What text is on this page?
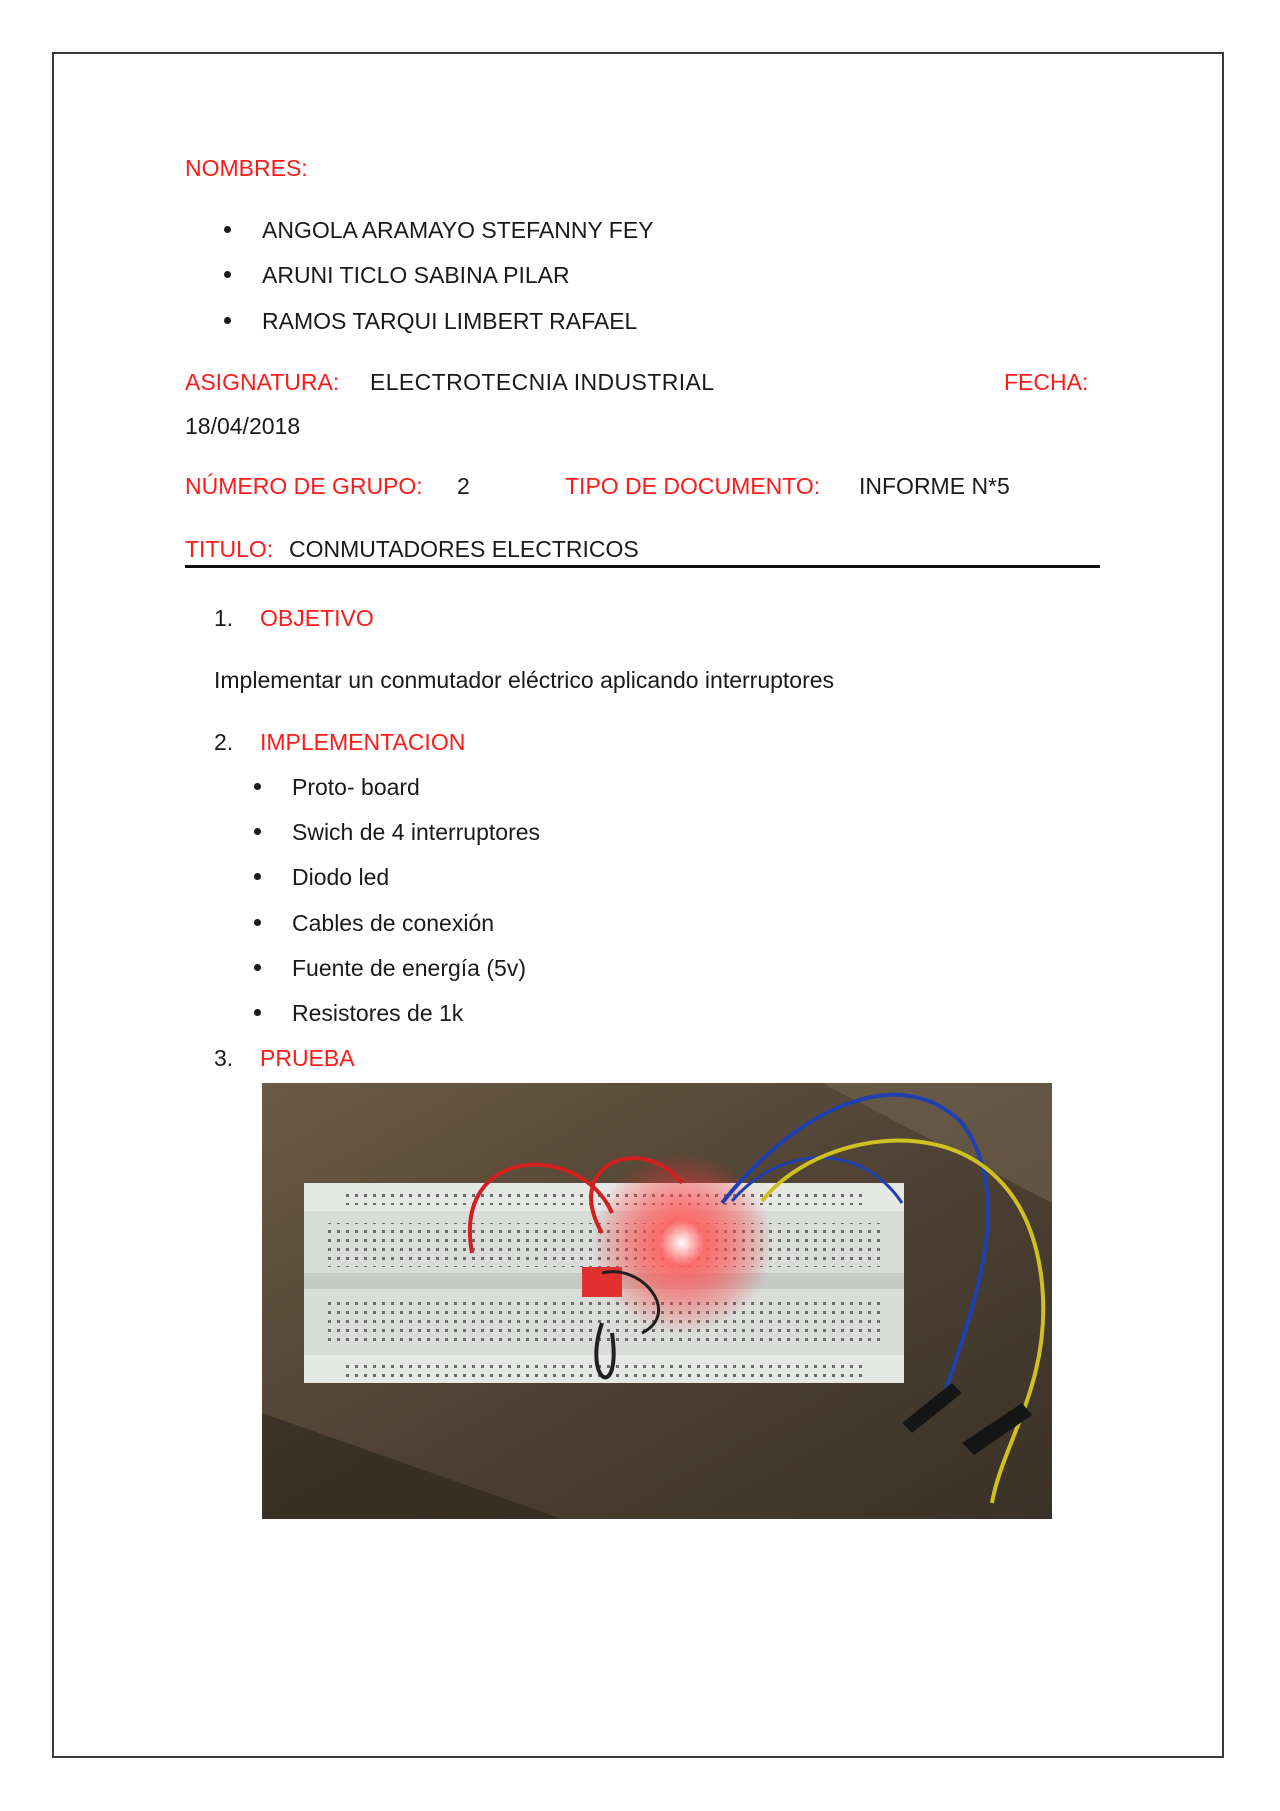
NOMBRES:
ANGOLA ARAMAYO STEFANNY FEY
ARUNI TICLO SABINA PILAR
RAMOS TARQUI LIMBERT RAFAEL
ASIGNATURA: ELECTROTECNIA INDUSTRIAL	FECHA:
18/04/2018
NÚMERO DE GRUPO: 2	TIPO DE DOCUMENTO: INFORME N*5
TITULO: CONMUTADORES ELECTRICOS
1. OBJETIVO
Implementar un conmutador eléctrico aplicando interruptores
2. IMPLEMENTACION
Proto- board
Swich de 4 interruptores
Diodo led
Cables de conexión
Fuente de energía (5v)
Resistores de 1k
3. PRUEBA
